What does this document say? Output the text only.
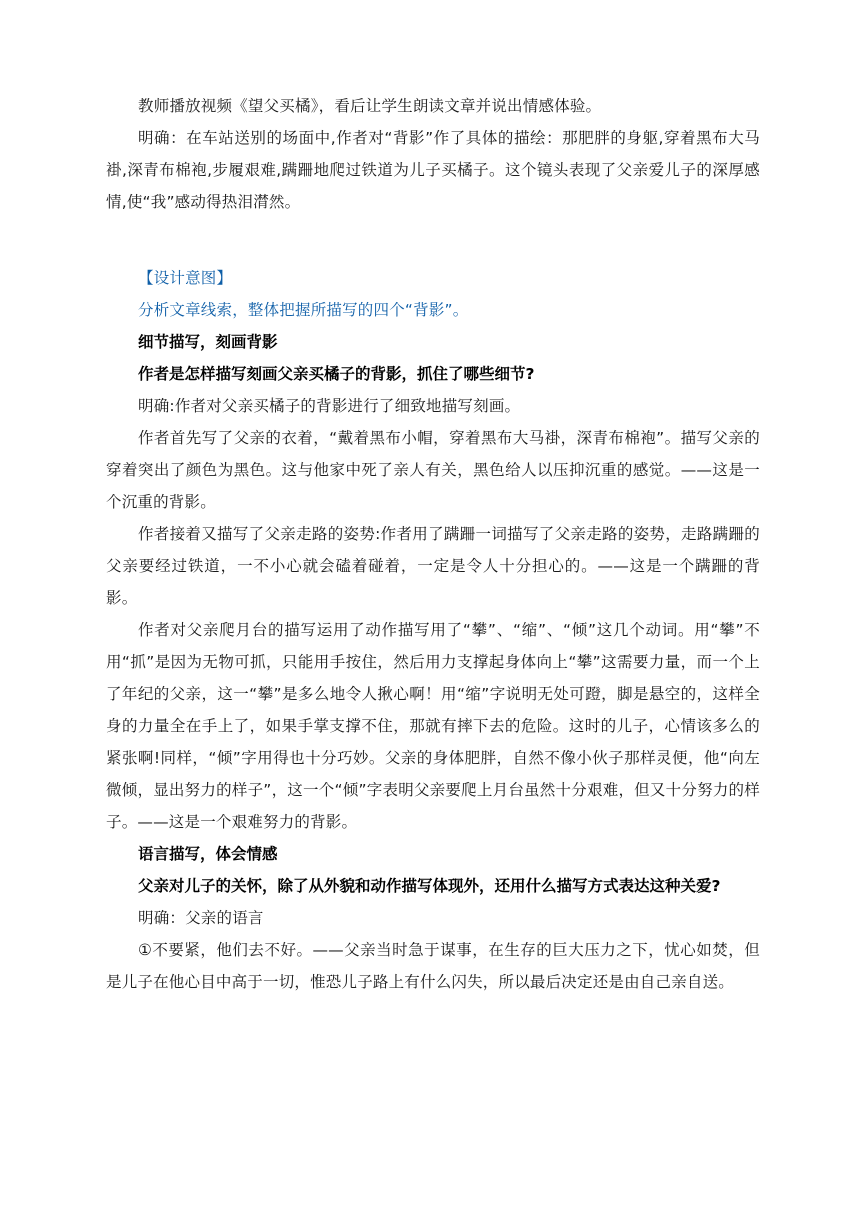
教师播放视频《望父买橘》，看后让学生朗读文章并说出情感体验。

明确：在车站送别的场面中,作者对“背影”作了具体的描绘：那肥胖的身躯,穿着黑布大马褂,深青布棉袍,步履艰难,蹒跚地爬过铁道为儿子买橘子。这个镜头表现了父亲爱儿子的深厚感情,使“我”感动得热泪潸然。

【设计意图】

分析文章线索，整体把握所描写的四个“背影”。

细节描写，刻画背影

作者是怎样描写刻画父亲买橘子的背影，抓住了哪些细节?

明确:作者对父亲买橘子的背影进行了细致地描写刻画。

作者首先写了父亲的衣着，“戴着黑布小帽，穿着黑布大马褂，深青布棉袍”。描写父亲的穿着突出了颜色为黑色。这与他家中死了亲人有关，黑色给人以压抑沉重的感觉。——这是一个沉重的背影。

作者接着又描写了父亲走路的姿势:作者用了蹒跚一词描写了父亲走路的姿势，走路蹒跚的父亲要经过铁道，一不小心就会磕着碰着，一定是令人十分担心的。——这是一个蹒跚的背影。

作者对父亲爬月台的描写运用了动作描写用了“攀”、“缩”、“倾”这几个动词。用“攀”不用“抓”是因为无物可抓，只能用手按住，然后用力支撑起身体向上“攀”这需要力量，而一个上了年纪的父亲，这一“攀”是多么地令人揪心啊！用“缩”字说明无处可蹬，脚是悬空的，这样全身的力量全在手上了，如果手掌支撑不住，那就有摔下去的危险。这时的儿子，心情该多么的紧张啊!同样，“倾”字用得也十分巧妙。父亲的身体肥胖，自然不像小伙子那样灵便，他“向左微倾，显出努力的样子”，这一个“倾”字表明父亲要爬上月台虽然十分艰难，但又十分努力的样子。——这是一个艰难努力的背影。

语言描写，体会情感

父亲对儿子的关怀，除了从外貌和动作描写体现外，还用什么描写方式表达这种关爱?

明确：父亲的语言

①不要紧，他们去不好。——父亲当时急于谋事，在生存的巨大压力之下，忧心如焚，但是儿子在他心目中高于一切，惟恐儿子路上有什么闪失，所以最后决定还是由自己亲自送。
